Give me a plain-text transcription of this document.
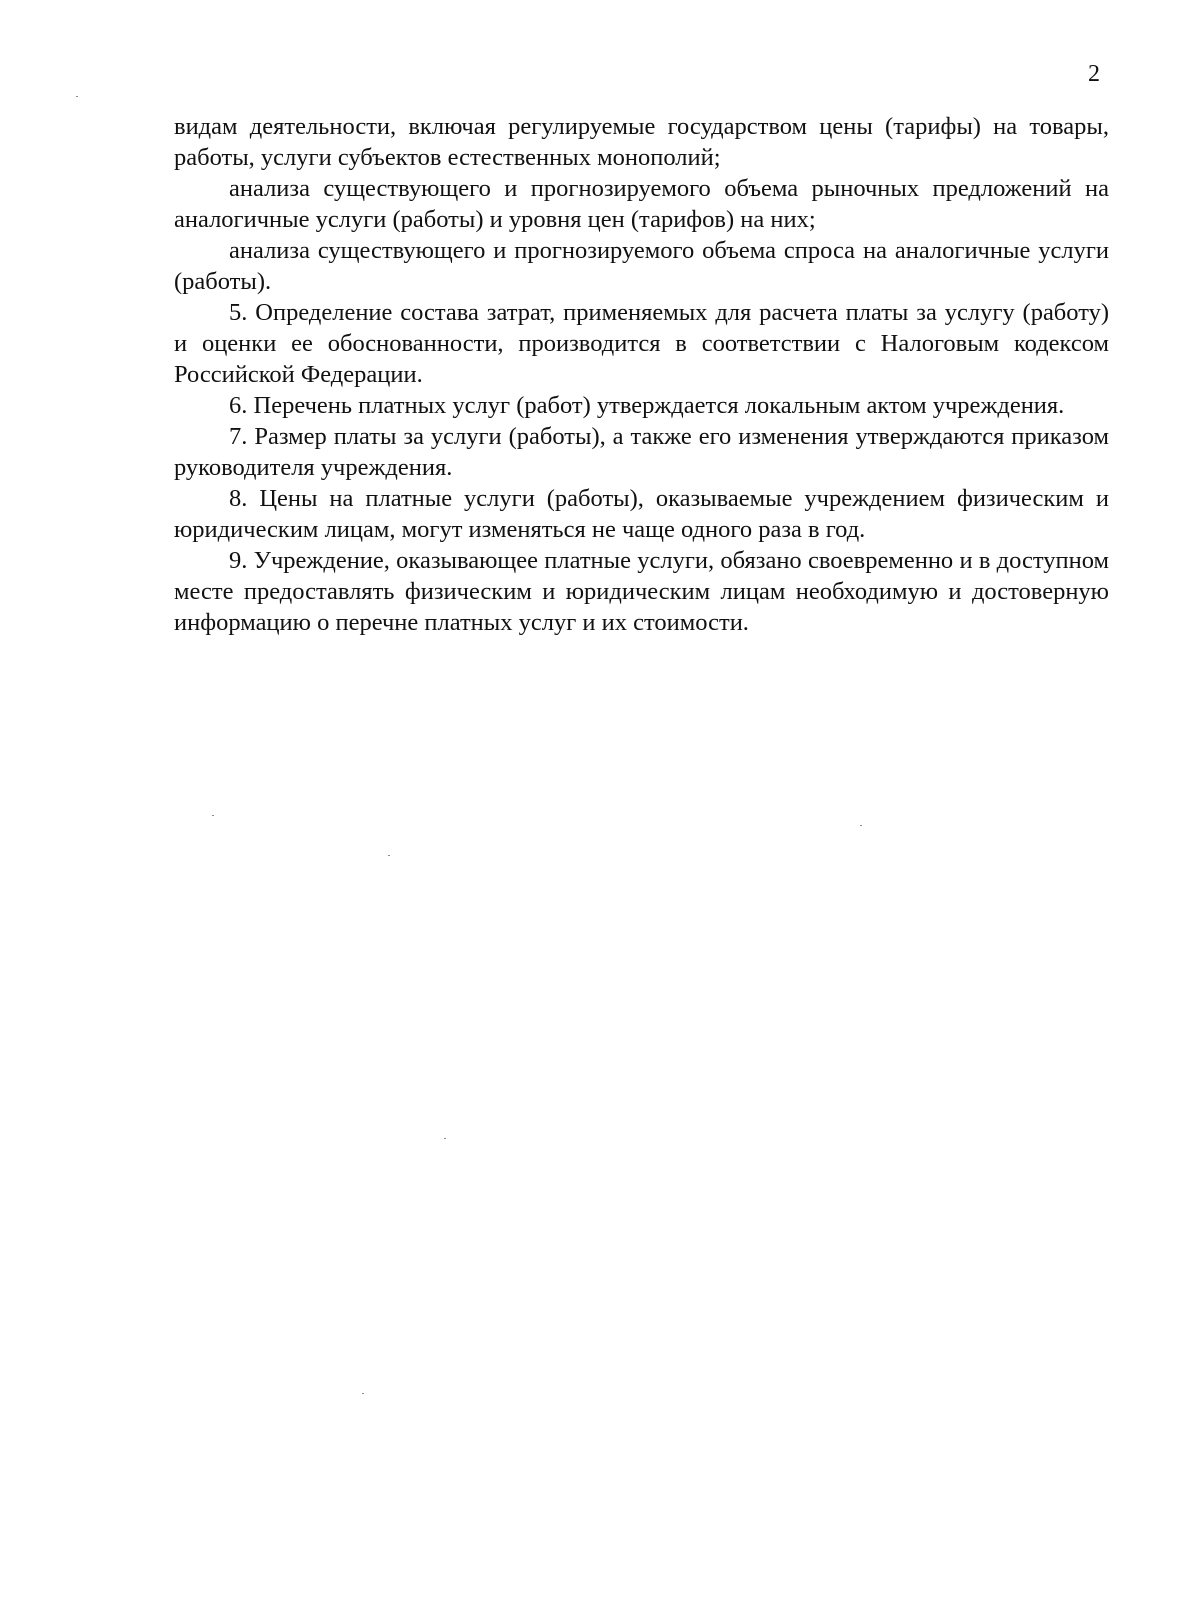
2

видам деятельности, включая регулируемые государством цены (тарифы) на товары, работы, услуги субъектов естественных монополий;

анализа существующего и прогнозируемого объема рыночных предложений на аналогичные услуги (работы) и уровня цен (тарифов) на них;

анализа существующего и прогнозируемого объема спроса на аналогичные услуги (работы).

5. Определение состава затрат, применяемых для расчета платы за услугу (работу) и оценки ее обоснованности, производится в соответствии с Налоговым кодексом Российской Федерации.

6. Перечень платных услуг (работ) утверждается локальным актом учреждения.

7. Размер платы за услуги (работы), а также его изменения утверждаются приказом руководителя учреждения.

8. Цены на платные услуги (работы), оказываемые учреждением физическим и юридическим лицам, могут изменяться не чаще одного раза в год.

9. Учреждение, оказывающее платные услуги, обязано своевременно и в доступном месте предоставлять физическим и юридическим лицам необходимую и достоверную информацию о перечне платных услуг и их стоимости.
